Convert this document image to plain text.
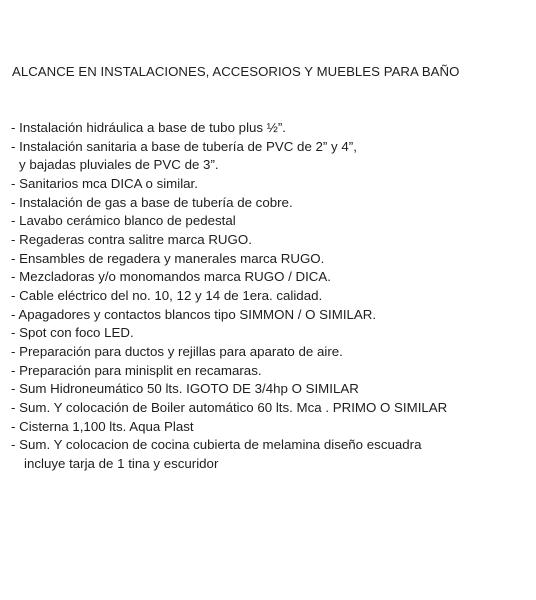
ALCANCE EN INSTALACIONES, ACCESORIOS Y MUEBLES PARA BAÑO
- Instalación hidráulica a base de tubo plus ½”.
- Instalación sanitaria a base de tubería de PVC de 2” y 4”,
y bajadas pluviales de PVC de 3”.
- Sanitarios mca DICA o similar.
- Instalación de gas a base de tubería de cobre.
- Lavabo cerámico blanco de pedestal
- Regaderas contra salitre marca RUGO.
- Ensambles de regadera y manerales marca RUGO.
- Mezcladoras y/o monomandos marca RUGO / DICA.
- Cable eléctrico del no. 10, 12 y 14 de 1era. calidad.
- Apagadores y contactos blancos tipo SIMMON / O SIMILAR.
- Spot con foco LED.
- Preparación para ductos y rejillas para aparato de aire.
- Preparación para minisplit en recamaras.
- Sum Hidroneumático 50 lts. IGOTO DE 3/4hp O SIMILAR
- Sum. Y colocación de Boiler automático 60 lts. Mca . PRIMO O SIMILAR
- Cisterna 1,100 lts. Aqua Plast
- Sum. Y colocacion de cocina cubierta de melamina diseño escuadra
incluye tarja de 1 tina y escuridor
